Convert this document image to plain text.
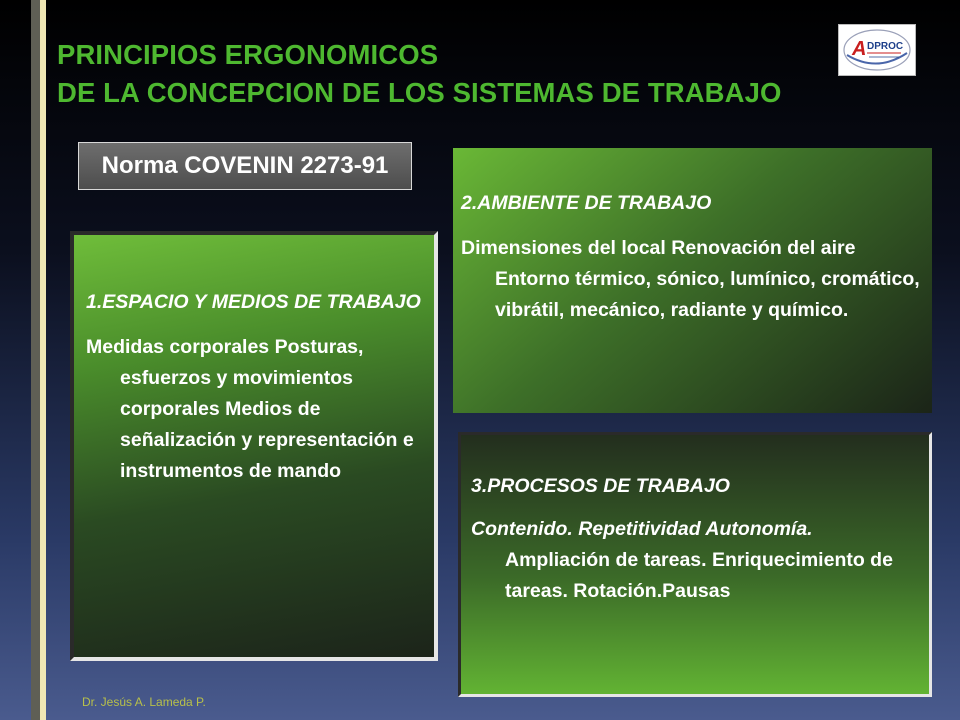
PRINCIPIOS ERGONOMICOS
DE LA CONCEPCION DE LOS SISTEMAS DE TRABAJO
A DPROC
Norma COVENIN 2273-91

1.ESPACIO Y MEDIOS DE TRABAJO

Medidas corporales Posturas, esfuerzos y movimientos corporales Medios de señalización y representación e instrumentos de mando

2.AMBIENTE DE TRABAJO

Dimensiones del local Renovación del aire Entorno térmico, sónico, lumínico, cromático, vibrátil, mecánico, radiante y químico.

3.PROCESOS DE TRABAJO

Contenido. Repetitividad Autonomía. Ampliación de tareas. Enriquecimiento de tareas. Rotación.Pausas

Dr. Jesús A. Lameda P.
